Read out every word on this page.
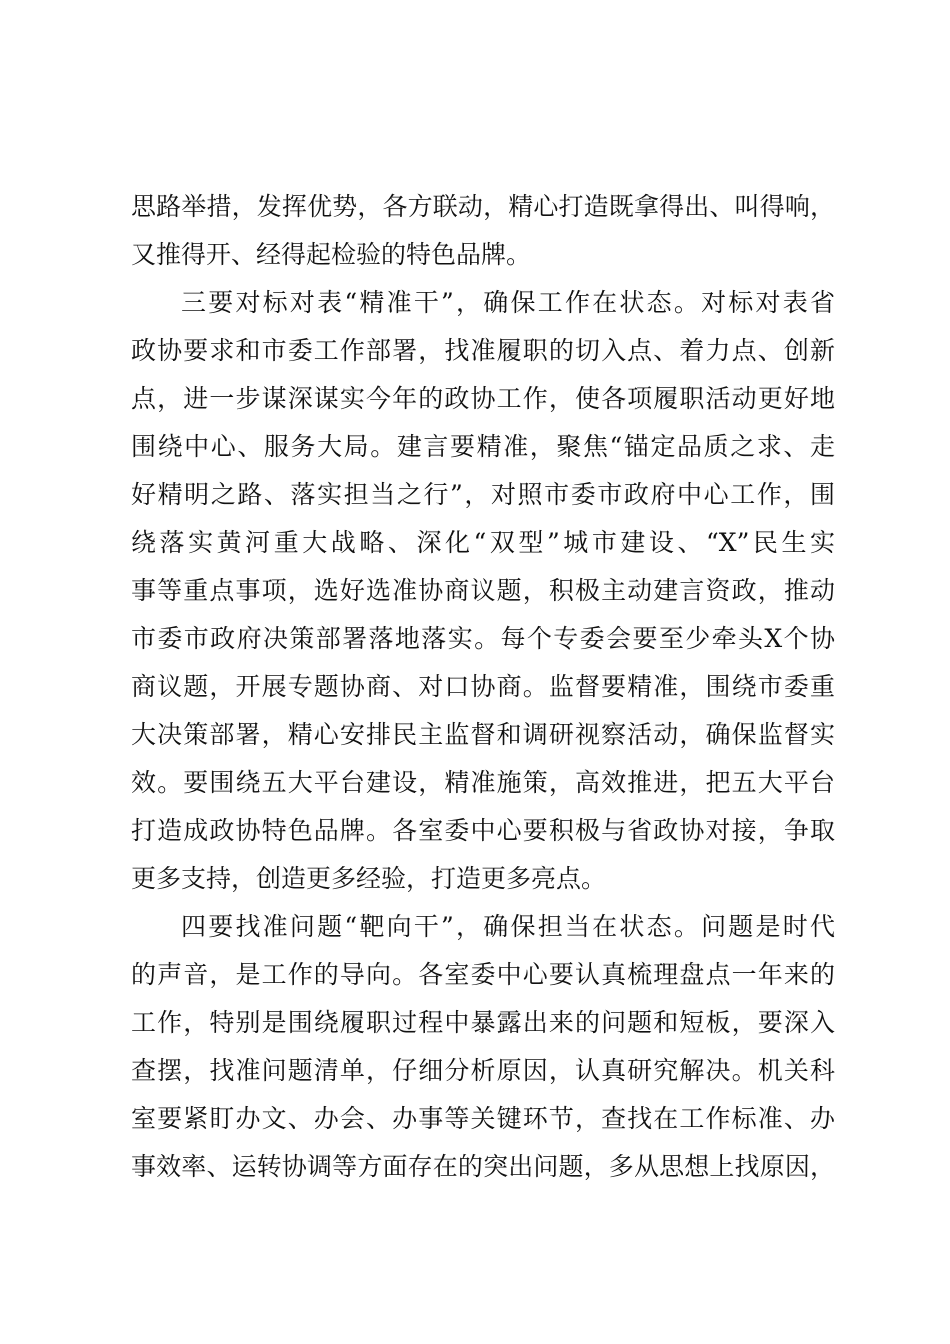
思路举措，发挥优势，各方联动，精心打造既拿得出、叫得响，
又推得开、经得起检验的特色品牌。
三要对标对表“精准干”，确保工作在状态。对标对表省
政协要求和市委工作部署，找准履职的切入点、着力点、创新
点，进一步谋深谋实今年的政协工作，使各项履职活动更好地
围绕中心、服务大局。建言要精准，聚焦“锚定品质之求、走
好精明之路、落实担当之行”，对照市委市政府中心工作，围
绕落实黄河重大战略、深化“双型”城市建设、“X”民生实
事等重点事项，选好选准协商议题，积极主动建言资政，推动
市委市政府决策部署落地落实。每个专委会要至少牵头X个协
商议题，开展专题协商、对口协商。监督要精准，围绕市委重
大决策部署，精心安排民主监督和调研视察活动，确保监督实
效。要围绕五大平台建设，精准施策，高效推进，把五大平台
打造成政协特色品牌。各室委中心要积极与省政协对接，争取
更多支持，创造更多经验，打造更多亮点。
四要找准问题“靶向干”，确保担当在状态。问题是时代
的声音，是工作的导向。各室委中心要认真梳理盘点一年来的
工作，特别是围绕履职过程中暴露出来的问题和短板，要深入
查摆，找准问题清单，仔细分析原因，认真研究解决。机关科
室要紧盯办文、办会、办事等关键环节，查找在工作标准、办
事效率、运转协调等方面存在的突出问题，多从思想上找原因，
